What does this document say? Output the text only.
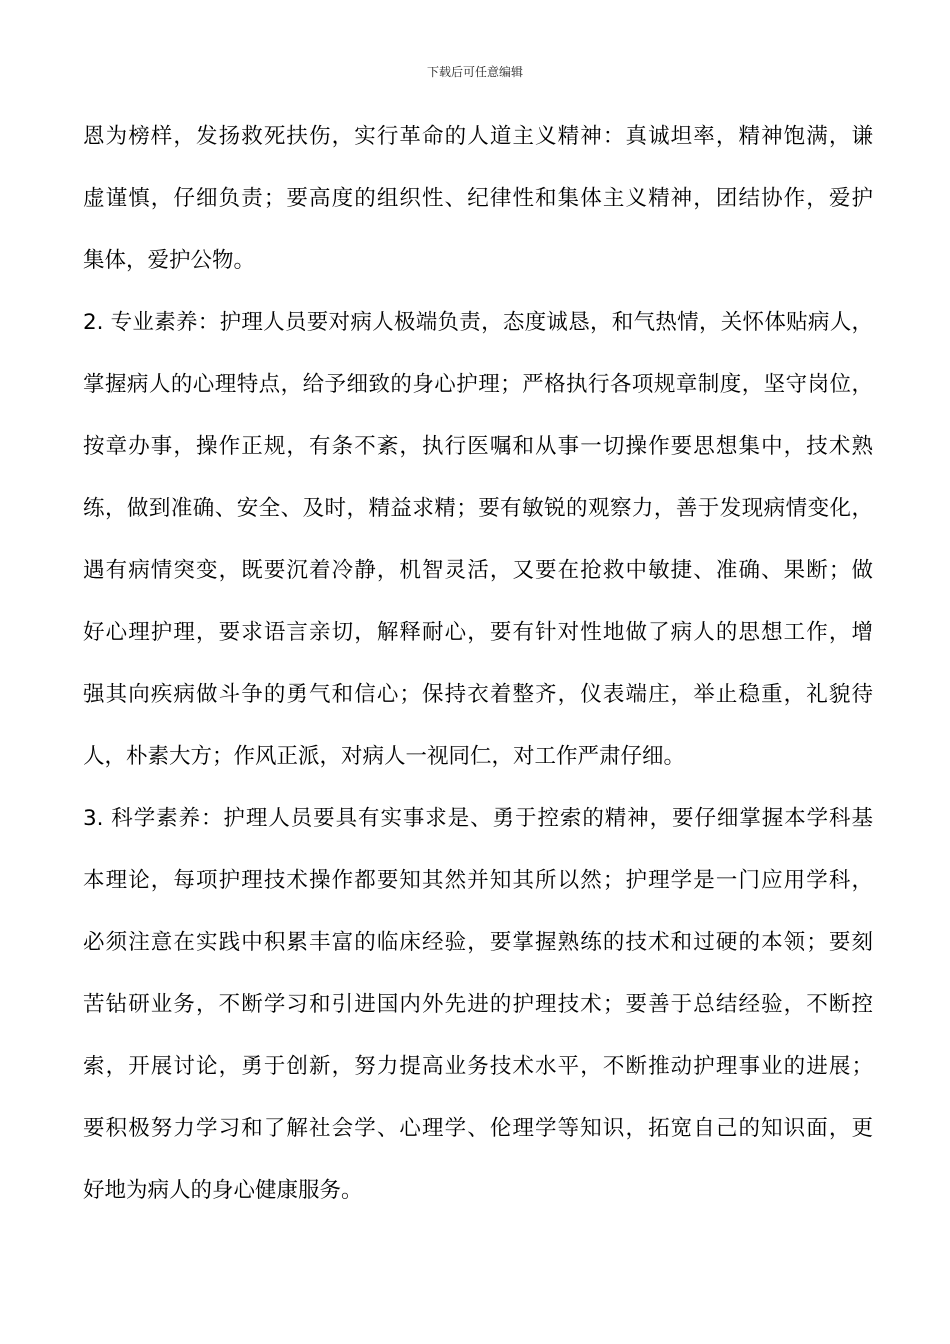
下载后可任意编辑
恩为榜样，发扬救死扶伤，实行革命的人道主义精神：真诚坦率，精神饱满，谦
虚谨慎，仔细负责；要高度的组织性、纪律性和集体主义精神，团结协作，爱护
集体，爱护公物。
2. 专业素养：护理人员要对病人极端负责，态度诚恳，和气热情，关怀体贴病人，
掌握病人的心理特点，给予细致的身心护理；严格执行各项规章制度，坚守岗位，
按章办事，操作正规，有条不紊，执行医嘱和从事一切操作要思想集中，技术熟
练，做到准确、安全、及时，精益求精；要有敏锐的观察力，善于发现病情变化，
遇有病情突变，既要沉着冷静，机智灵活，又要在抢救中敏捷、准确、果断；做
好心理护理，要求语言亲切，解释耐心，要有针对性地做了病人的思想工作，增
强其向疾病做斗争的勇气和信心；保持衣着整齐，仪表端庄，举止稳重，礼貌待
人，朴素大方；作风正派，对病人一视同仁，对工作严肃仔细。
3. 科学素养：护理人员要具有实事求是、勇于控索的精神，要仔细掌握本学科基
本理论，每项护理技术操作都要知其然并知其所以然；护理学是一门应用学科，
必须注意在实践中积累丰富的临床经验，要掌握熟练的技术和过硬的本领；要刻
苦钻研业务，不断学习和引进国内外先进的护理技术；要善于总结经验，不断控
索，开展讨论，勇于创新，努力提高业务技术水平，不断推动护理事业的进展；
要积极努力学习和了解社会学、心理学、伦理学等知识，拓宽自己的知识面，更
好地为病人的身心健康服务。
